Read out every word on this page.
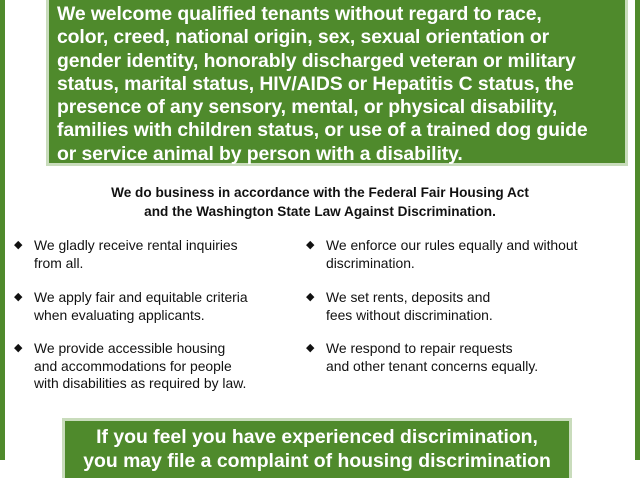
We welcome qualified tenants without regard to race,
color, creed, national origin, sex, sexual orientation or
gender identity, honorably discharged veteran or military
status, marital status, HIV/AIDS or Hepatitis C status, the
presence of any sensory, mental, or physical disability,
families with children status, or use of a trained dog guide
or service animal by person with a disability.
We do business in accordance with the Federal Fair Housing Act
and the Washington State Law Against Discrimination.
◆ We gladly receive rental inquiries
from all.
◆ We apply fair and equitable criteria
when evaluating applicants.
◆ We provide accessible housing
and accommodations for people
with disabilities as required by law.
◆ We enforce our rules equally and without
discrimination.
◆ We set rents, deposits and
fees without discrimination.
◆ We respond to repair requests
and other tenant concerns equally.
If you feel you have experienced discrimination,
you may file a complaint of housing discrimination
